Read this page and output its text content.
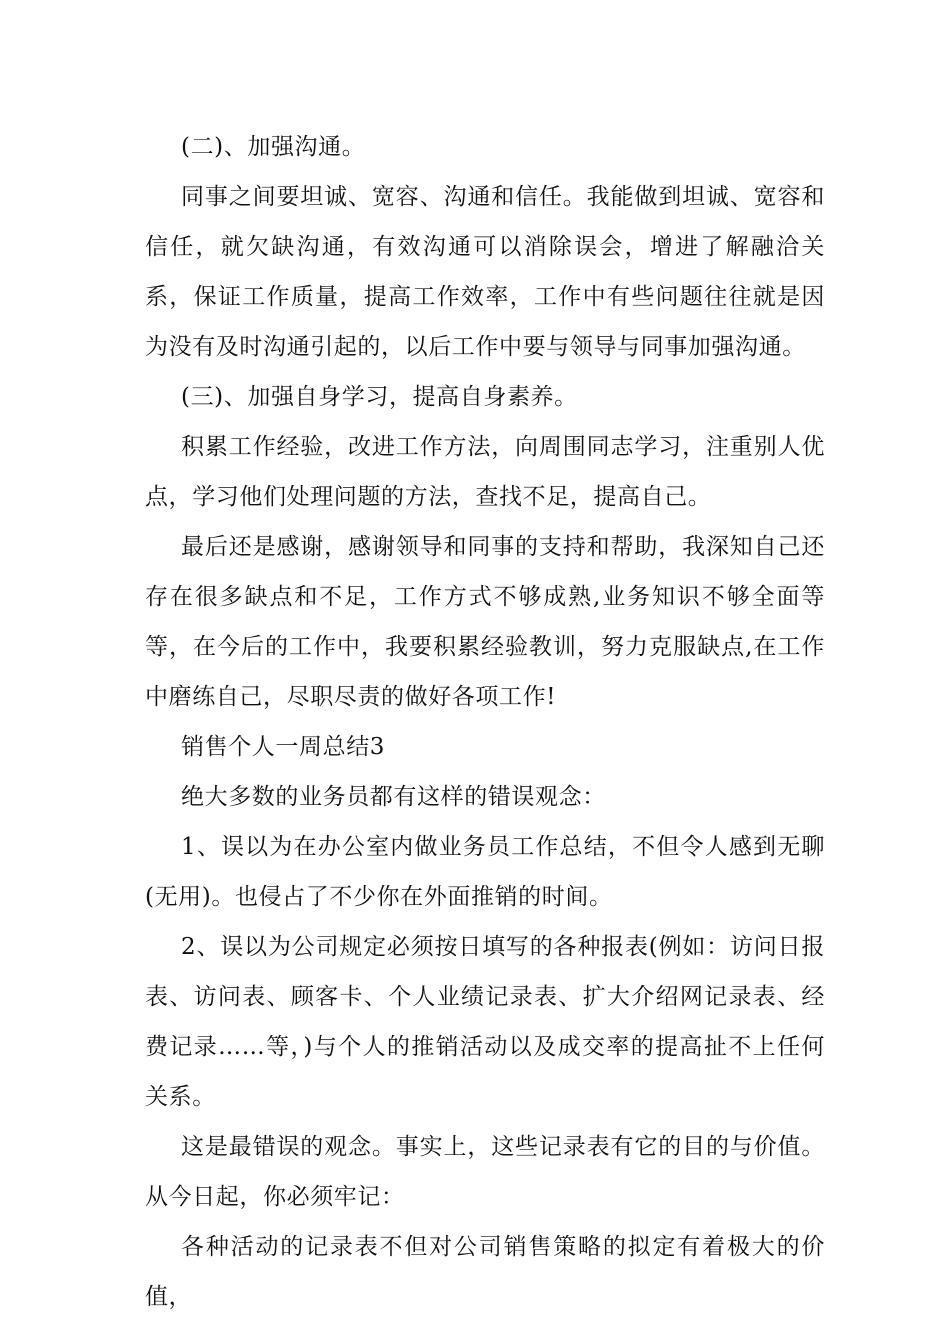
(二)、加强沟通。

同事之间要坦诚、宽容、沟通和信任。我能做到坦诚、宽容和信任，就欠缺沟通，有效沟通可以消除误会，增进了解融洽关系，保证工作质量，提高工作效率，工作中有些问题往往就是因为没有及时沟通引起的，以后工作中要与领导与同事加强沟通。

(三)、加强自身学习，提高自身素养。

积累工作经验，改进工作方法，向周围同志学习，注重别人优点，学习他们处理问题的方法，查找不足，提高自己。

最后还是感谢，感谢领导和同事的支持和帮助，我深知自己还存在很多缺点和不足，工作方式不够成熟,业务知识不够全面等等，在今后的工作中，我要积累经验教训，努力克服缺点,在工作中磨练自己，尽职尽责的做好各项工作!

销售个人一周总结3

绝大多数的业务员都有这样的错误观念：

1、误以为在办公室内做业务员工作总结，不但令人感到无聊(无用)。也侵占了不少你在外面推销的时间。

2、误以为公司规定必须按日填写的各种报表(例如：访问日报表、访问表、顾客卡、个人业绩记录表、扩大介绍网记录表、经费记录……等，)与个人的推销活动以及成交率的提高扯不上任何关系。

这是最错误的观念。事实上，这些记录表有它的目的与价值。从今日起，你必须牢记：

各种活动的记录表不但对公司销售策略的拟定有着极大的价值，
